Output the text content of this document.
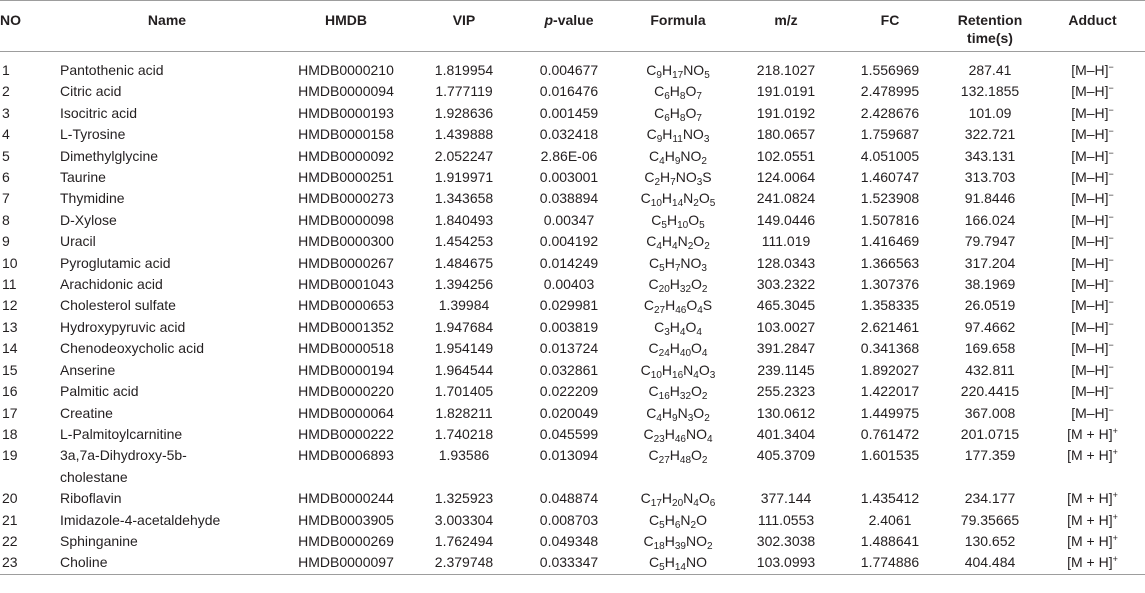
NO	Name	HMDB	VIP	p-value	Formula	m/z	FC	Retention time(s)	Adduct

1	Pantothenic acid	HMDB0000210	1.819954	0.004677	$C_9H_{17}NO_5$	218.1027	1.556969	287.41	[M–H]−
2	Citric acid	HMDB0000094	1.777119	0.016476	$C_6H_8O_7$	191.0191	2.478995	132.1855	[M–H]−
3	Isocitric acid	HMDB0000193	1.928636	0.001459	$C_6H_8O_7$	191.0192	2.428676	101.09	[M–H]−
4	L-Tyrosine	HMDB0000158	1.439888	0.032418	$C_9H_{11}NO_3$	180.0657	1.759687	322.721	[M–H]−
5	Dimethylglycine	HMDB0000092	2.052247	2.86E-06	$C_4H_9NO_2$	102.0551	4.051005	343.131	[M–H]−
6	Taurine	HMDB0000251	1.919971	0.003001	$C_2H_7NO_3S$	124.0064	1.460747	313.703	[M–H]−
7	Thymidine	HMDB0000273	1.343658	0.038894	$C_{10}H_{14}N_2O_5$	241.0824	1.523908	91.8446	[M–H]−
8	D-Xylose	HMDB0000098	1.840493	0.00347	$C_5H_{10}O_5$	149.0446	1.507816	166.024	[M–H]−
9	Uracil	HMDB0000300	1.454253	0.004192	$C_4H_4N_2O_2$	111.019	1.416469	79.7947	[M–H]−
10	Pyroglutamic acid	HMDB0000267	1.484675	0.014249	$C_5H_7NO_3$	128.0343	1.366563	317.204	[M–H]−
11	Arachidonic acid	HMDB0001043	1.394256	0.00403	$C_{20}H_{32}O_2$	303.2322	1.307376	38.1969	[M–H]−
12	Cholesterol sulfate	HMDB0000653	1.39984	0.029981	$C_{27}H_{46}O_4S$	465.3045	1.358335	26.0519	[M–H]−
13	Hydroxypyruvic acid	HMDB0001352	1.947684	0.003819	$C_3H_4O_4$	103.0027	2.621461	97.4662	[M–H]−
14	Chenodeoxycholic acid	HMDB0000518	1.954149	0.013724	$C_{24}H_{40}O_4$	391.2847	0.341368	169.658	[M–H]−
15	Anserine	HMDB0000194	1.964544	0.032861	$C_{10}H_{16}N_4O_3$	239.1145	1.892027	432.811	[M–H]−
16	Palmitic acid	HMDB0000220	1.701405	0.022209	$C_{16}H_{32}O_2$	255.2323	1.422017	220.4415	[M–H]−
17	Creatine	HMDB0000064	1.828211	0.020049	$C_4H_9N_3O_2$	130.0612	1.449975	367.008	[M–H]−
18	L-Palmitoylcarnitine	HMDB0000222	1.740218	0.045599	$C_{23}H_{46}NO_4$	401.3404	0.761472	201.0715	[M + H]+
19	3a,7a-Dihydroxy-5b-cholestane	HMDB0006893	1.93586	0.013094	$C_{27}H_{48}O_2$	405.3709	1.601535	177.359	[M + H]+
20	Riboflavin	HMDB0000244	1.325923	0.048874	$C_{17}H_{20}N_4O_6$	377.144	1.435412	234.177	[M + H]+
21	Imidazole-4-acetaldehyde	HMDB0003905	3.003304	0.008703	$C_5H_6N_2O$	111.0553	2.4061	79.35665	[M + H]+
22	Sphinganine	HMDB0000269	1.762494	0.049348	$C_{18}H_{39}NO_2$	302.3038	1.488641	130.652	[M + H]+
23	Choline	HMDB0000097	2.379748	0.033347	$C_5H_{14}NO$	103.0993	1.774886	404.484	[M + H]+
